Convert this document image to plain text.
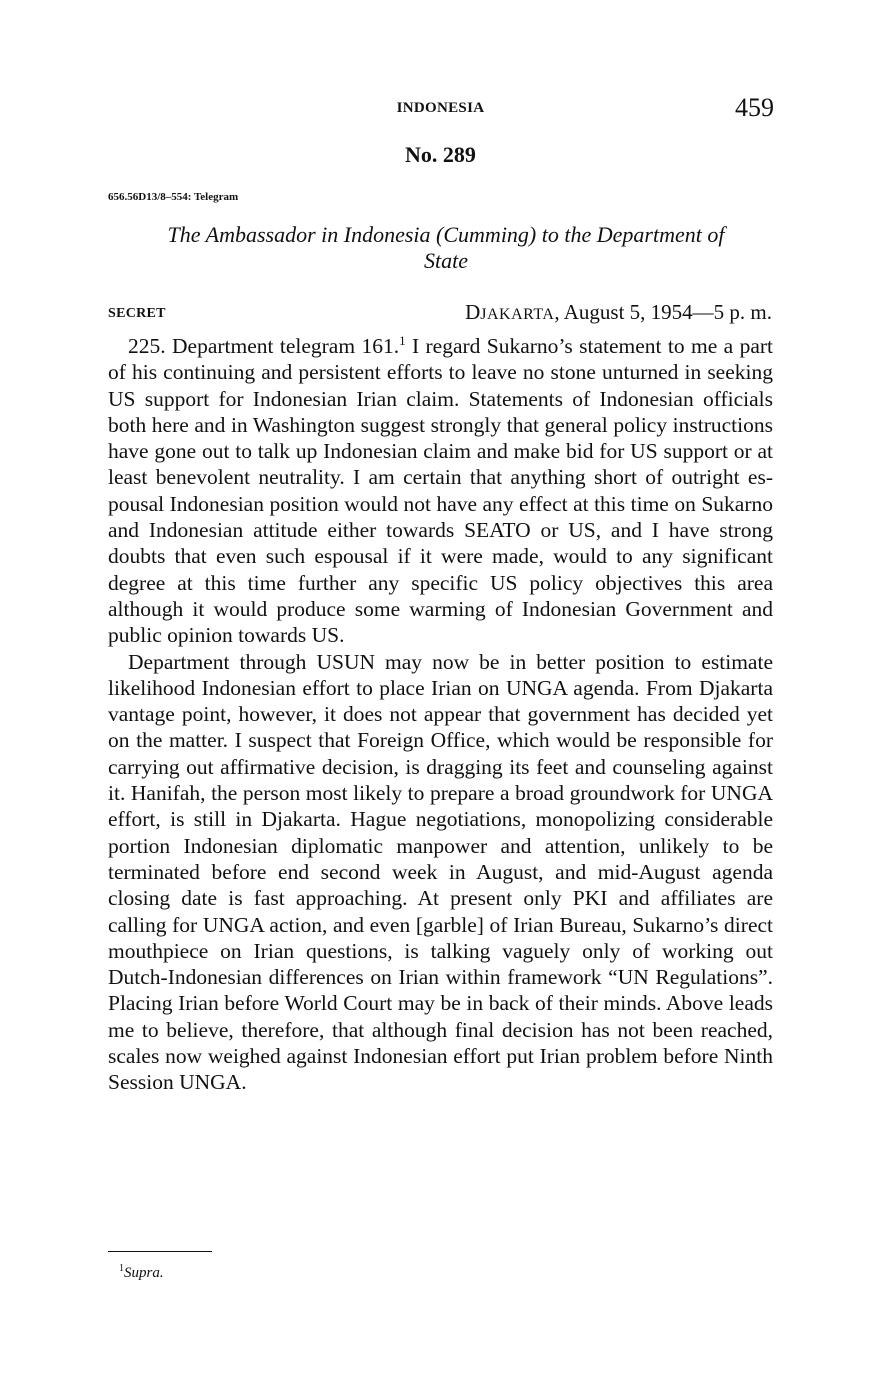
INDONESIA	459
No. 289
656.56D13/8–554: Telegram
The Ambassador in Indonesia (Cumming) to the Department of
State
SECRET	DJAKARTA, August 5, 1954—5 p. m.

225. Department telegram 161.$^1$ I regard Sukarno’s statement to me a part of his continuing and persistent efforts to leave no stone unturned in seeking US support for Indonesian Irian claim. Statements of Indonesian officials both here and in Washington suggest strongly that general policy instructions have gone out to talk up Indonesian claim and make bid for US support or at least benevolent neutrality. I am certain that anything short of outright espousal Indonesian position would not have any effect at this time on Sukarno and Indonesian attitude either towards SEATO or US, and I have strong doubts that even such espousal if it were made, would to any significant degree at this time further any specific US policy objectives this area although it would produce some warming of Indonesian Government and public opinion towards US.

Department through USUN may now be in better position to estimate likelihood Indonesian effort to place Irian on UNGA agenda. From Djakarta vantage point, however, it does not appear that government has decided yet on the matter. I suspect that Foreign Office, which would be responsible for carrying out affirmative decision, is dragging its feet and counseling against it. Hanifah, the person most likely to prepare a broad groundwork for UNGA effort, is still in Djakarta. Hague negotiations, monopolizing considerable portion Indonesian diplomatic manpower and attention, unlikely to be terminated before end second week in August, and mid-August agenda closing date is fast approaching. At present only PKI and affiliates are calling for UNGA action, and even [garble] of Irian Bureau, Sukarno’s direct mouthpiece on Irian questions, is talking vaguely only of working out Dutch-Indonesian differences on Irian within framework “UN Regulations”. Placing Irian before World Court may be in back of their minds. Above leads me to believe, therefore, that although final decision has not been reached, scales now weighed against Indonesian effort put Irian problem before Ninth Session UNGA.

$^1$Supra.
